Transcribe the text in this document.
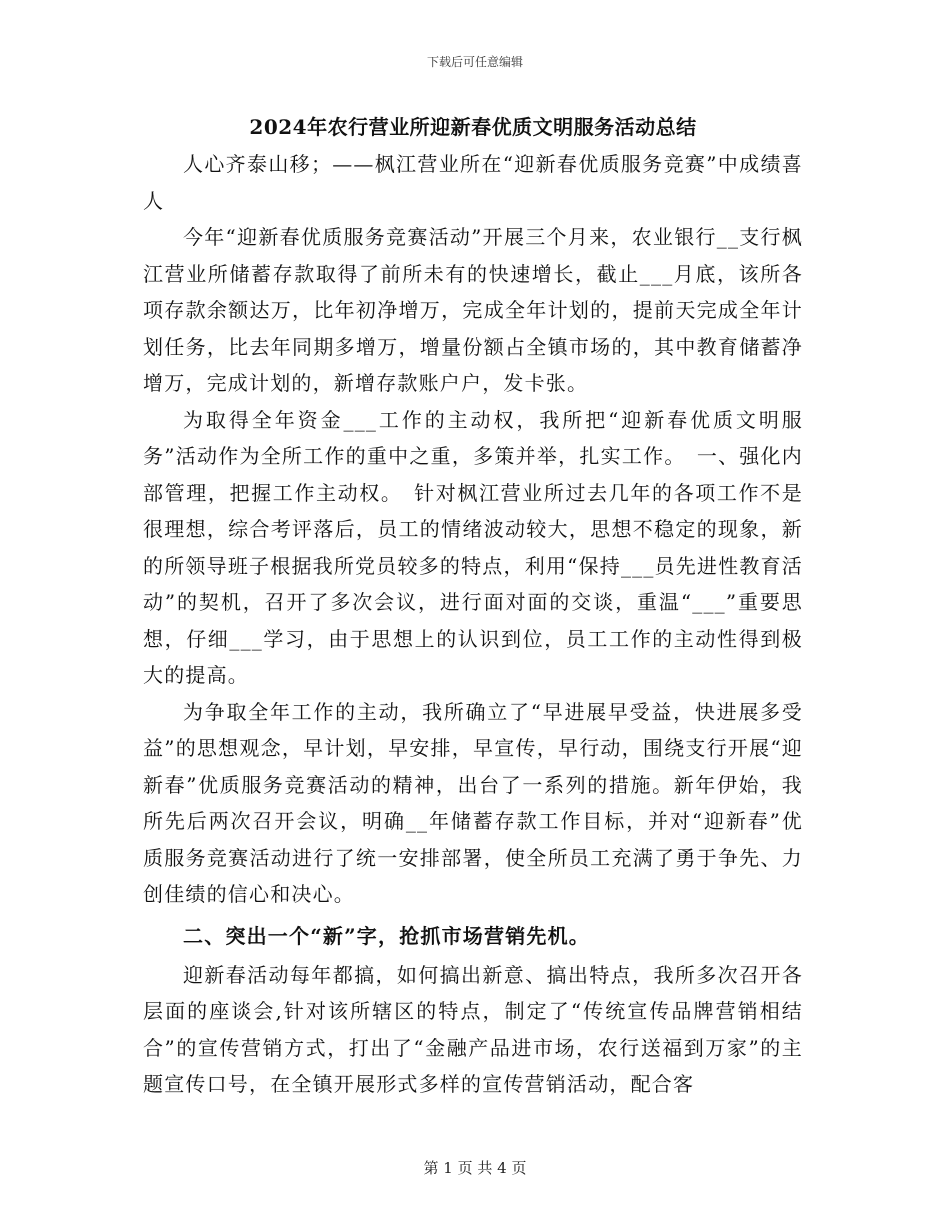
下载后可任意编辑
2024年农行营业所迎新春优质文明服务活动总结

人心齐泰山移；——枫江营业所在“迎新春优质服务竞赛”中成绩喜人

今年“迎新春优质服务竞赛活动”开展三个月来，农业银行__支行枫江营业所储蓄存款取得了前所未有的快速增长，截止___月底，该所各项存款余额达万，比年初净增万，完成全年计划的，提前天完成全年计划任务，比去年同期多增万，增量份额占全镇市场的，其中教育储蓄净增万，完成计划的，新增存款账户户，发卡张。

为取得全年资金___工作的主动权，我所把“迎新春优质文明服务”活动作为全所工作的重中之重，多策并举，扎实工作。　一、强化内部管理，把握工作主动权。　针对枫江营业所过去几年的各项工作不是很理想，综合考评落后，员工的情绪波动较大，思想不稳定的现象，新的所领导班子根据我所党员较多的特点，利用“保持___员先进性教育活动”的契机，召开了多次会议，进行面对面的交谈，重温“___”重要思想，仔细___学习，由于思想上的认识到位，员工工作的主动性得到极大的提高。

为争取全年工作的主动，我所确立了“早进展早受益，快进展多受益”的思想观念，早计划，早安排，早宣传，早行动，围绕支行开展“迎新春”优质服务竞赛活动的精神，出台了一系列的措施。新年伊始，我所先后两次召开会议，明确__年储蓄存款工作目标，并对“迎新春”优质服务竞赛活动进行了统一安排部署，使全所员工充满了勇于争先、力创佳绩的信心和决心。

二、突出一个“新”字，抢抓市场营销先机。

迎新春活动每年都搞，如何搞出新意、搞出特点，我所多次召开各层面的座谈会,针对该所辖区的特点，制定了“传统宣传品牌营销相结合”的宣传营销方式，打出了“金融产品进市场，农行送福到万家”的主题宣传口号，在全镇开展形式多样的宣传营销活动，配合客

第 1 页 共 4 页
